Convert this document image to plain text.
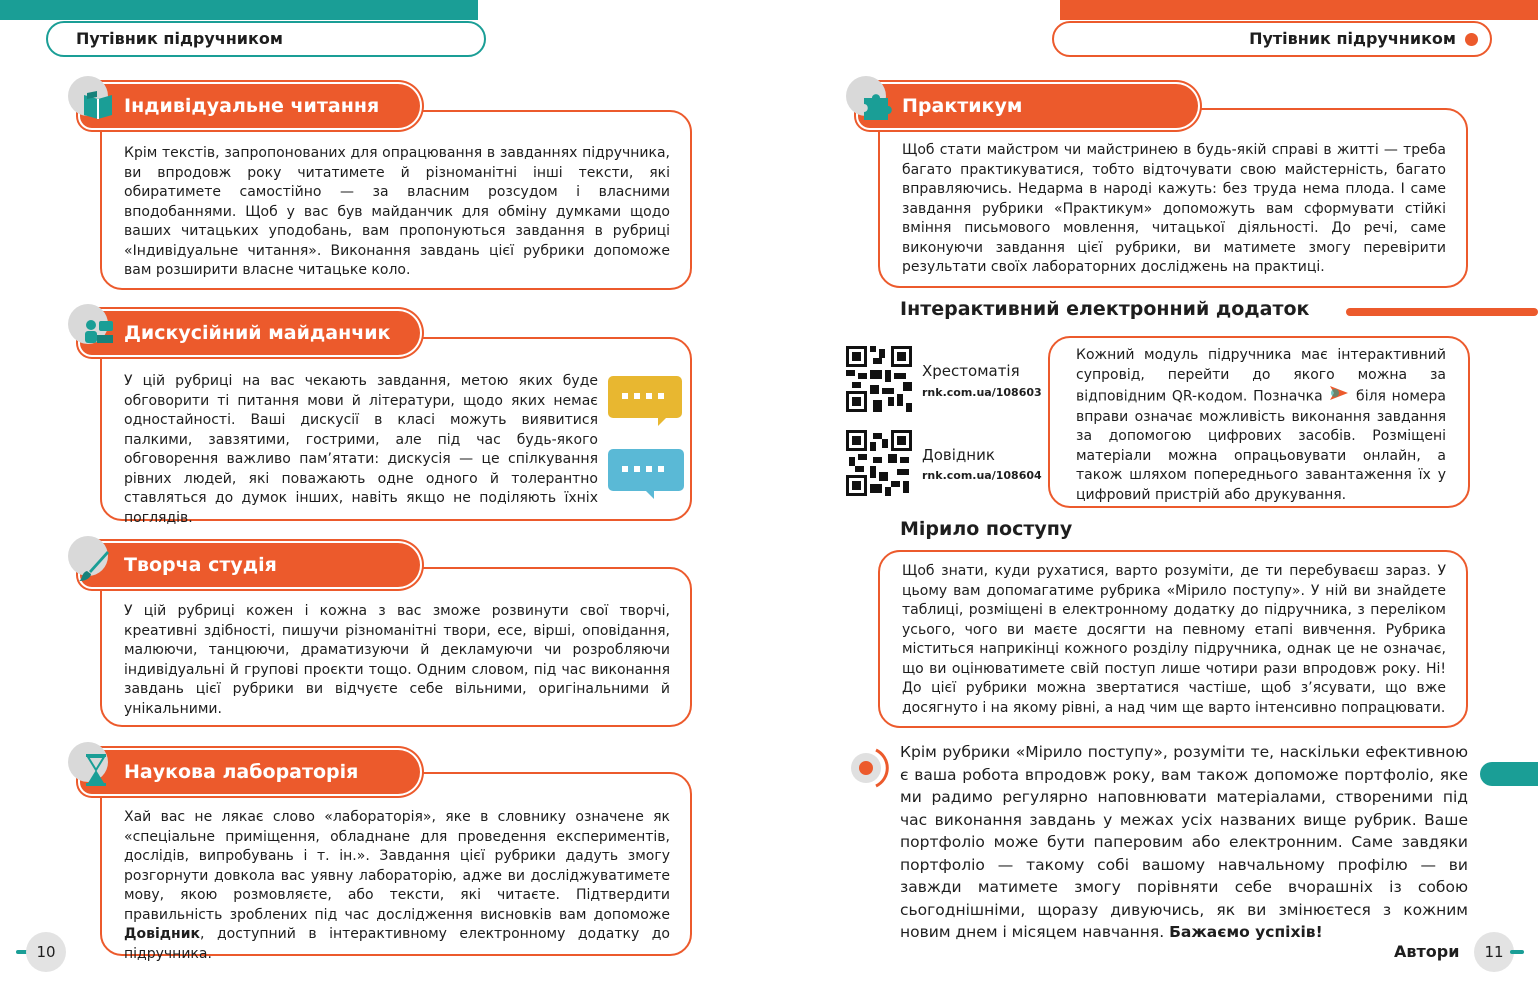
Путівник підручником	Путівник підручником
Крім текстів, запропонованих для опрацювання в завданнях підручника, ви впродовж року читатимете й різноманітні інші тексти, які обиратимете самостійно — за власним розсудом і власними вподобаннями. Щоб у вас був майданчик для обміну думками щодо ваших читацьких уподобань, вам пропонуються завдання в рубриці «Індивідуальне читання». Виконання завдань цієї рубрики допоможе вам розширити власне читацьке коло.
Індивідуальне читання
У цій рубриці на вас чекають завдання, метою яких буде обговорити ті питання мови й літератури, щодо яких немає одностайності. Ваші дискусії в класі можуть виявитися палкими, завзятими, гострими, але під час будь-якого обговорення важливо пам’ятати: дискусія — це спілкування рівних людей, які поважають одне одного й толерантно ставляться до думок інших, навіть якщо не поділяють їхніх поглядів.
Дискусійний майданчик
У цій рубриці кожен і кожна з вас зможе розвинути свої творчі, креативні здібності, пишучи різноманітні твори, есе, вірші, оповідання, малюючи, танцюючи, драматизуючи й декламуючи чи розробляючи індивідуальні й групові проєкти тощо. Одним словом, під час виконання завдань цієї рубрики ви відчуєте себе вільними, оригінальними й унікальними.
Творча студія
Хай вас не лякає слово «лабораторія», яке в словнику означене як «спеціальне приміщення, обладнане для проведення експериментів, дослідів, випробувань і т. ін.». Завдання цієї рубрики дадуть змогу розгорнути довкола вас уявну лабораторію, адже ви досліджуватимете мову, якою розмовляєте, або тексти, які читаєте. Підтвердити правильність зроблених під час дослідження висновків вам допоможе Довідник, доступний в інтерактивному електронному додатку до підручника.
Наукова лабораторія
10
Щоб стати майстром чи майстринею в будь-якій справі в житті — треба багато практикуватися, тобто відточувати свою майстерність, багато вправляючись. Недарма в народі кажуть: без труда нема плода. І саме завдання рубрики «Практикум» допоможуть вам сформувати стійкі вміння письмового мовлення, читацької діяльності. До речі, саме виконуючи завдання цієї рубрики, ви матимете змогу перевірити результати своїх лабораторних досліджень на практиці.
Практикум
Інтерактивний електронний додаток
Хрестоматія
rnk.com.ua/108603
Довідник
rnk.com.ua/108604
Кожний модуль підручника має інтерактивний супровід, перейти до якого можна за відповідним QR-кодом. Позначка  біля номера вправи означає можливість виконання завдання за допомогою цифрових засобів. Розміщені матеріали можна опрацьовувати онлайн, а також шляхом попереднього завантаження їх у цифровий пристрій або друкування.
Мірило поступу
Щоб знати, куди рухатися, варто розуміти, де ти перебуваєш зараз. У цьому вам допомагатиме рубрика «Мірило поступу». У ній ви знайдете таблиці, розміщені в електронному додатку до підручника, з переліком усього, чого ви маєте досягти на певному етапі вивчення. Рубрика міститься наприкінці кожного розділу підручника, однак це не означає, що ви оцінюватимете свій поступ лише чотири рази впродовж року. Ні! До цієї рубрики можна звертатися частіше, щоб з’ясувати, що вже досягнуто і на якому рівні, а над чим ще варто інтенсивно попрацювати.
Крім рубрики «Мірило поступу», розуміти те, наскільки ефективною є ваша робота впродовж року, вам також допоможе портфоліо, яке ми радимо регулярно наповнювати матеріалами, створеними під час виконання завдань у межах усіх названих вище рубрик. Ваше портфоліо може бути паперовим або електронним. Саме завдяки портфоліо — такому собі вашому навчальному профілю — ви завжди матимете змогу порівняти себе вчорашніх із собою сьогоднішніми, щоразу дивуючись, як ви змінюєтеся з кожним новим днем і місяцем навчання. Бажаємо успіхів!
Автори	11
